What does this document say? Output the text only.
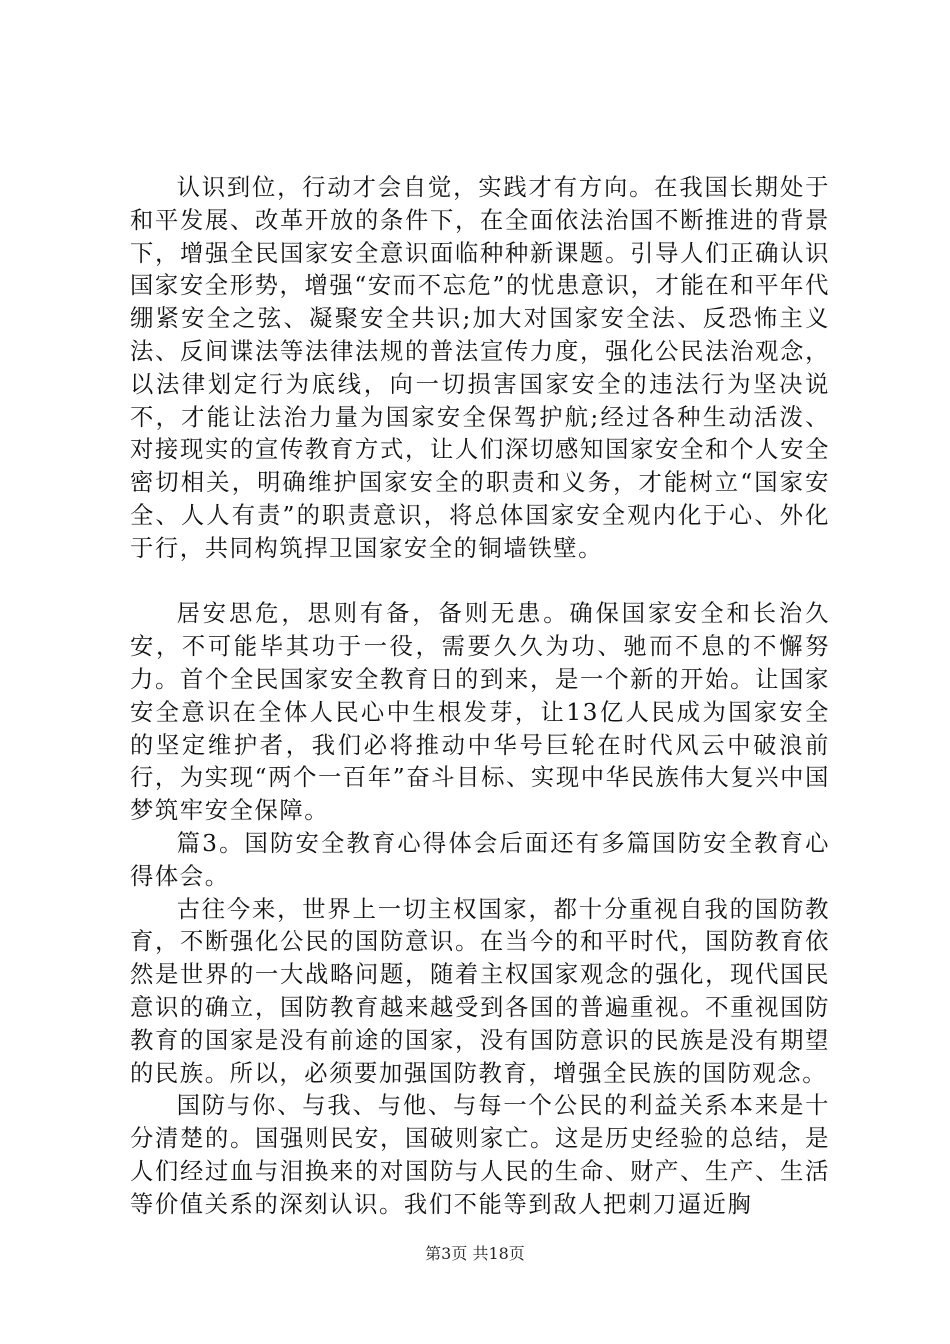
认识到位，行动才会自觉，实践才有方向。在我国长期处于和平发展、改革开放的条件下，在全面依法治国不断推进的背景下，增强全民国家安全意识面临种种新课题。引导人们正确认识国家安全形势，增强“安而不忘危”的忧患意识，才能在和平年代绷紧安全之弦、凝聚安全共识;加大对国家安全法、反恐怖主义法、反间谍法等法律法规的普法宣传力度，强化公民法治观念，以法律划定行为底线，向一切损害国家安全的违法行为坚决说不，才能让法治力量为国家安全保驾护航;经过各种生动活泼、对接现实的宣传教育方式，让人们深切感知国家安全和个人安全密切相关，明确维护国家安全的职责和义务，才能树立“国家安全、人人有责”的职责意识，将总体国家安全观内化于心、外化于行，共同构筑捍卫国家安全的铜墙铁壁。

居安思危，思则有备，备则无患。确保国家安全和长治久安，不可能毕其功于一役，需要久久为功、驰而不息的不懈努力。首个全民国家安全教育日的到来，是一个新的开始。让国家安全意识在全体人民心中生根发芽，让13亿人民成为国家安全的坚定维护者，我们必将推动中华号巨轮在时代风云中破浪前行，为实现“两个一百年”奋斗目标、实现中华民族伟大复兴中国梦筑牢安全保障。

篇3。国防安全教育心得体会后面还有多篇国防安全教育心得体会。

古往今来，世界上一切主权国家，都十分重视自我的国防教育，不断强化公民的国防意识。在当今的和平时代，国防教育依然是世界的一大战略问题，随着主权国家观念的强化，现代国民意识的确立，国防教育越来越受到各国的普遍重视。不重视国防教育的国家是没有前途的国家，没有国防意识的民族是没有期望的民族。所以，必须要加强国防教育，增强全民族的国防观念。

国防与你、与我、与他、与每一个公民的利益关系本来是十分清楚的。国强则民安，国破则家亡。这是历史经验的总结，是人们经过血与泪换来的对国防与人民的生命、财产、生产、生活等价值关系的深刻认识。我们不能等到敌人把刺刀逼近胸

第3页 共18页
